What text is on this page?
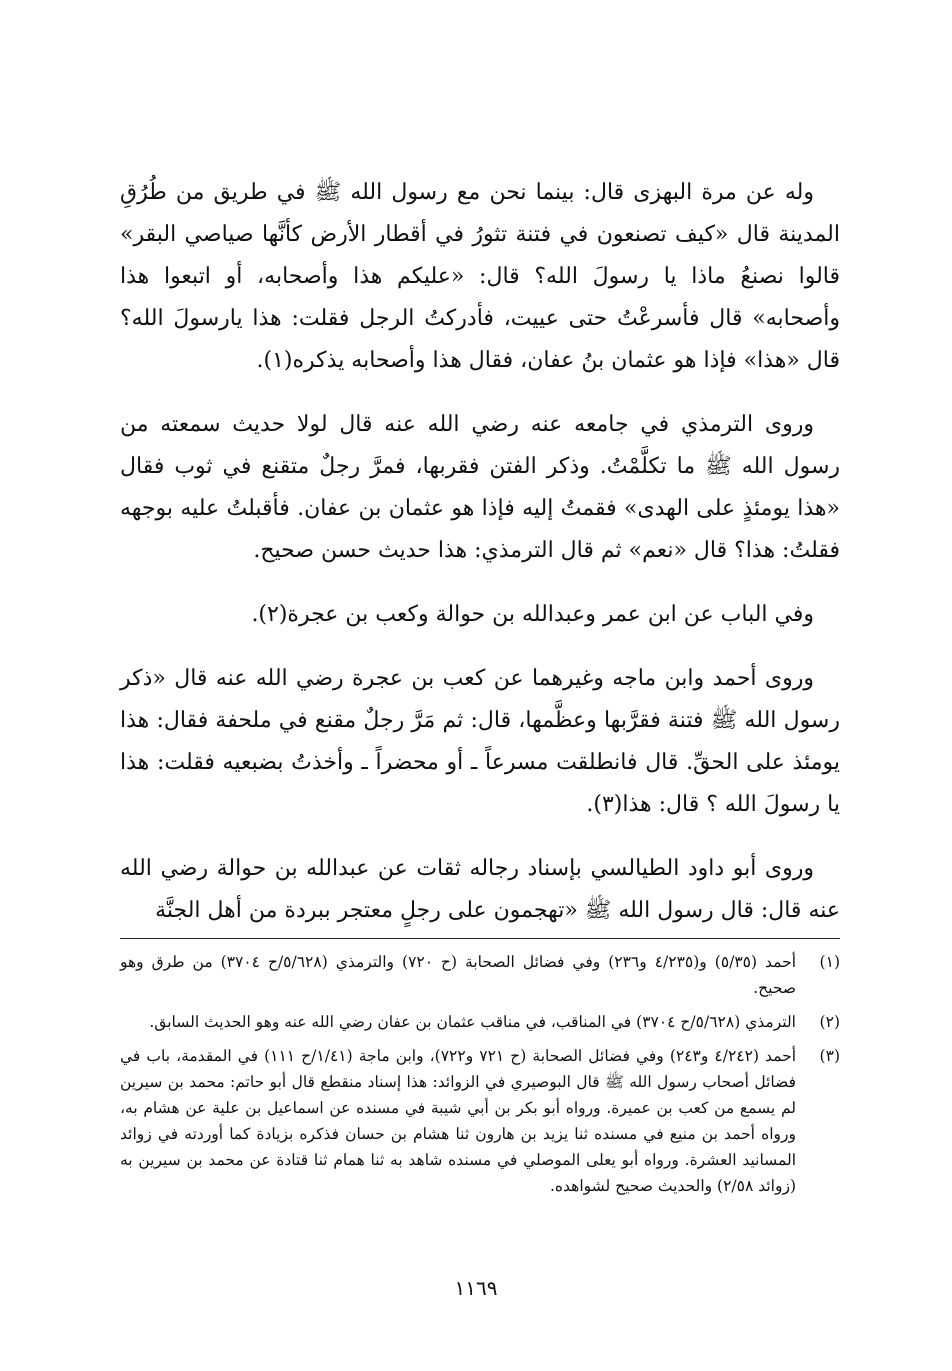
وله عن مرة البهزى قال: بينما نحن مع رسول الله ﷺ في طريق من طُرُقِ المدينة قال «كيف تصنعون في فتنة تثورُ في أقطار الأرض كأنَّها صياصي البقر» قالوا نصنعُ ماذا يا رسولَ الله؟ قال: «عليكم هذا وأصحابه، أو اتبعوا هذا وأصحابه» قال فأسرعْتُ حتى عييت، فأدركتُ الرجل فقلت: هذا يارسولَ الله؟ قال «هذا» فإذا هو عثمان بنُ عفان، فقال هذا وأصحابه يذكره(١).

وروى الترمذي في جامعه عنه رضي الله عنه قال لولا حديث سمعته من رسول الله ﷺ ما تكلَّمْتُ. وذكر الفتن فقربها، فمرَّ رجلٌ متقنع في ثوب فقال «هذا يومئذٍ على الهدى» فقمتُ إليه فإذا هو عثمان بن عفان. فأقبلتُ عليه بوجهه فقلتُ: هذا؟ قال «نعم» ثم قال الترمذي: هذا حديث حسن صحيح.

وفي الباب عن ابن عمر وعبدالله بن حوالة وكعب بن عجرة(٢).

وروى أحمد وابن ماجه وغيرهما عن كعب بن عجرة رضي الله عنه قال «ذكر رسول الله ﷺ فتنة فقرَّبها وعظَّمها، قال: ثم مَرَّ رجلٌ مقنع في ملحفة فقال: هذا يومئذ على الحقِّ. قال فانطلقت مسرعاً ـ أو محضراً ـ وأخذتُ بضبعيه فقلت: هذا يا رسولَ الله ؟ قال: هذا(٣).

وروى أبو داود الطيالسي بإسناد رجاله ثقات عن عبدالله بن حوالة رضي الله عنه قال: قال رسول الله ﷺ «تهجمون على رجلٍ معتجر ببردة من أهل الجنَّة

(١)
أحمد (٥/٣٥) و(٤/٢٣٥ و٢٣٦) وفي فضائل الصحابة (ح ٧٢٠) والترمذي (٥/٦٢٨/ح ٣٧٠٤) من طرق وهو صحيح.
(٢)
الترمذي (٥/٦٢٨/ح ٣٧٠٤) في المناقب، في مناقب عثمان بن عفان رضي الله عنه وهو الحديث السابق.
(٣)
أحمد (٤/٢٤٢ و٢٤٣) وفي فضائل الصحابة (ح ٧٢١ و٧٢٢)، وابن ماجة (١/٤١/ح ١١١) في المقدمة، باب في فضائل أصحاب رسول الله ﷺ قال البوصيري في الزوائد: هذا إسناد منقطع قال أبو حاتم: محمد بن سيرين لم يسمع من كعب بن عميرة. ورواه أبو بكر بن أبي شيبة في مسنده عن اسماعيل بن علية عن هشام به، ورواه أحمد بن منيع في مسنده ثنا يزيد بن هارون ثنا هشام بن حسان فذكره بزيادة كما أوردته في زوائد المسانيد العشرة. ورواه أبو يعلى الموصلي في مسنده شاهد به ثنا همام ثنا قتادة عن محمد بن سيرين به (زوائد ٢/٥٨) والحديث صحيح لشواهده.
١١٦٩
